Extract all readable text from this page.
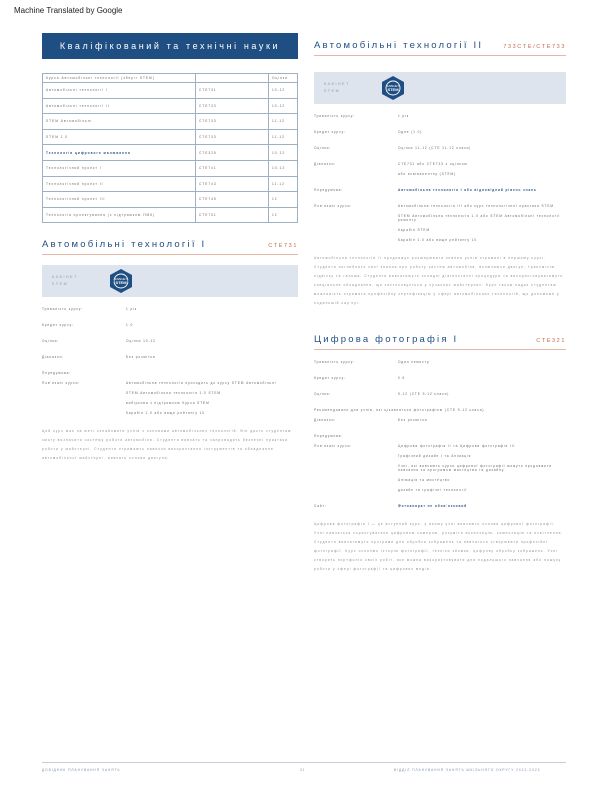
Machine Translated by Google
Кваліфікований та технічні науки
Курси Автомобільні технології (зберіг STEM)		Оцінки
Автомобільні технології I	CTE731	10-12
Автомобільні технології II	CTE733	10-12
STEM Автомобільні	CTE733	11-12
STEM 1.0	CTE733	11-12

Технологія цифрового малювання	CTE325	10-12
Технологічний проект I	CTE741	10-12
Технологічний проект II	CTE743	11-12
Технологічний проект III	CTE745	12
Технологія проектування (з підтримкою ПМК)	CTE751	12
Автомобільні технології I	CTE731
КАБІНЕТ
STEM
КАБІНЕТ
STEM
Тривалість курсу:	1 рік
Кредит курсу:	1.0
Оцінки:	Оцінки 10-12
Діапазон:	Без розмітки
Передумова:
Пов'язані курси:	Автомобільна технологія проходить до курсу STEM Автомобільні
STEM Автомобільна технологія 1.0 STEM
вибіркова з підтримкою Курси STEM
Карабін 1.0 або вище рейтингу 10
Цей курс має на меті ознайомити учнів з основами автомобільних технологій. Він дасть студентам змогу визначити систему роботи автомобіля. Студенти вивчать та запровадять безпечні практики роботи у майстерні. Студенти отримають навички використання інструментів та обладнання автомобільної майстерні, вивчать основи двигуна.
Автомобільні технології II	733CTE/CTE733
КАБІНЕТ
STEM
КАБІНЕТ
STEM
Тривалість курсу:	1 рік
Кредит курсу:	Одне (1.0)
Оцінки:	Оцінки 11-12 (CTE 11-12 класи)
Діапазон:	CTE731 або CTE733 з оцінкою
або еквівалентну (STEM)
Передумова:	Автомобільна технологія I або відповідний рівень знань
Пов'язані курси:	Автомобільна технологія III або курс технологічної практики STEM
STEM Автомобільна технологія 1.0 або STEM Автомобільні технології ремонту
Карабін STEM
Карабін 1.0 або вище рейтингу 10
Автомобільна технологія II продовжує розширювати знання учнів отримані в першому курсі. Студенти поглиблять свої знання про роботу систем автомобіля, включаючи двигун, трансмісію, підвіску та гальма. Студенти вивчатимуть складні діагностичні процедури та використовуватимуть спеціальне обладнання, що застосовується у сучасних майстернях. Курс також надає студентам можливість отримати професійну сертифікацію у сфері автомобільних технологій, що допоможе у подальшій кар'єрі.
Цифрова фотографія I	CTE321
Тривалість курсу:	Один семестр
Кредит курсу:	0.5
Оцінки:	9-12 (CTE 9-12 класи)
Рекомендовано для учнів, які цікавляться фотографією (CTE 9-12 класи)
Діапазон:	Без розмітки
Передумова:
Пов'язані курси:	Цифрова фотографія II та Цифрова фотографія III
Графічний дизайн І та Анімація
Учні, які вивчають курси цифрової фотографії можуть продовжити навчання за програмою мистецтва та дизайну
Анімація та мистецтво
дизайн та графічні технології
Сайт:	Фотоапарат не обов'язковий
Цифрова фотографія I — це вступний курс, у якому учні вивчають основи цифрової фотографії. Учні навчаться користуватися цифровою камерою, розуміти експозицію, композицію та освітлення. Студенти вивчатимуть програми для обробки зображень та навчаться створювати професійні фотографії. Курс охоплює історію фотографії, техніки зйомки, цифрову обробку зображень. Учні створять портфоліо своїх робіт, яке можна використовувати для подальшого навчання або пошуку роботи у сфері фотографії та цифрових медіа.
ДОВІДНИК ПЛАНУВАННЯ ЗАНЯТЬ	31	ВІДДІЛ ПЛАНУВАННЯ ЗАНЯТЬ ШКІЛЬНОГО ОКРУГУ 2022-2023
